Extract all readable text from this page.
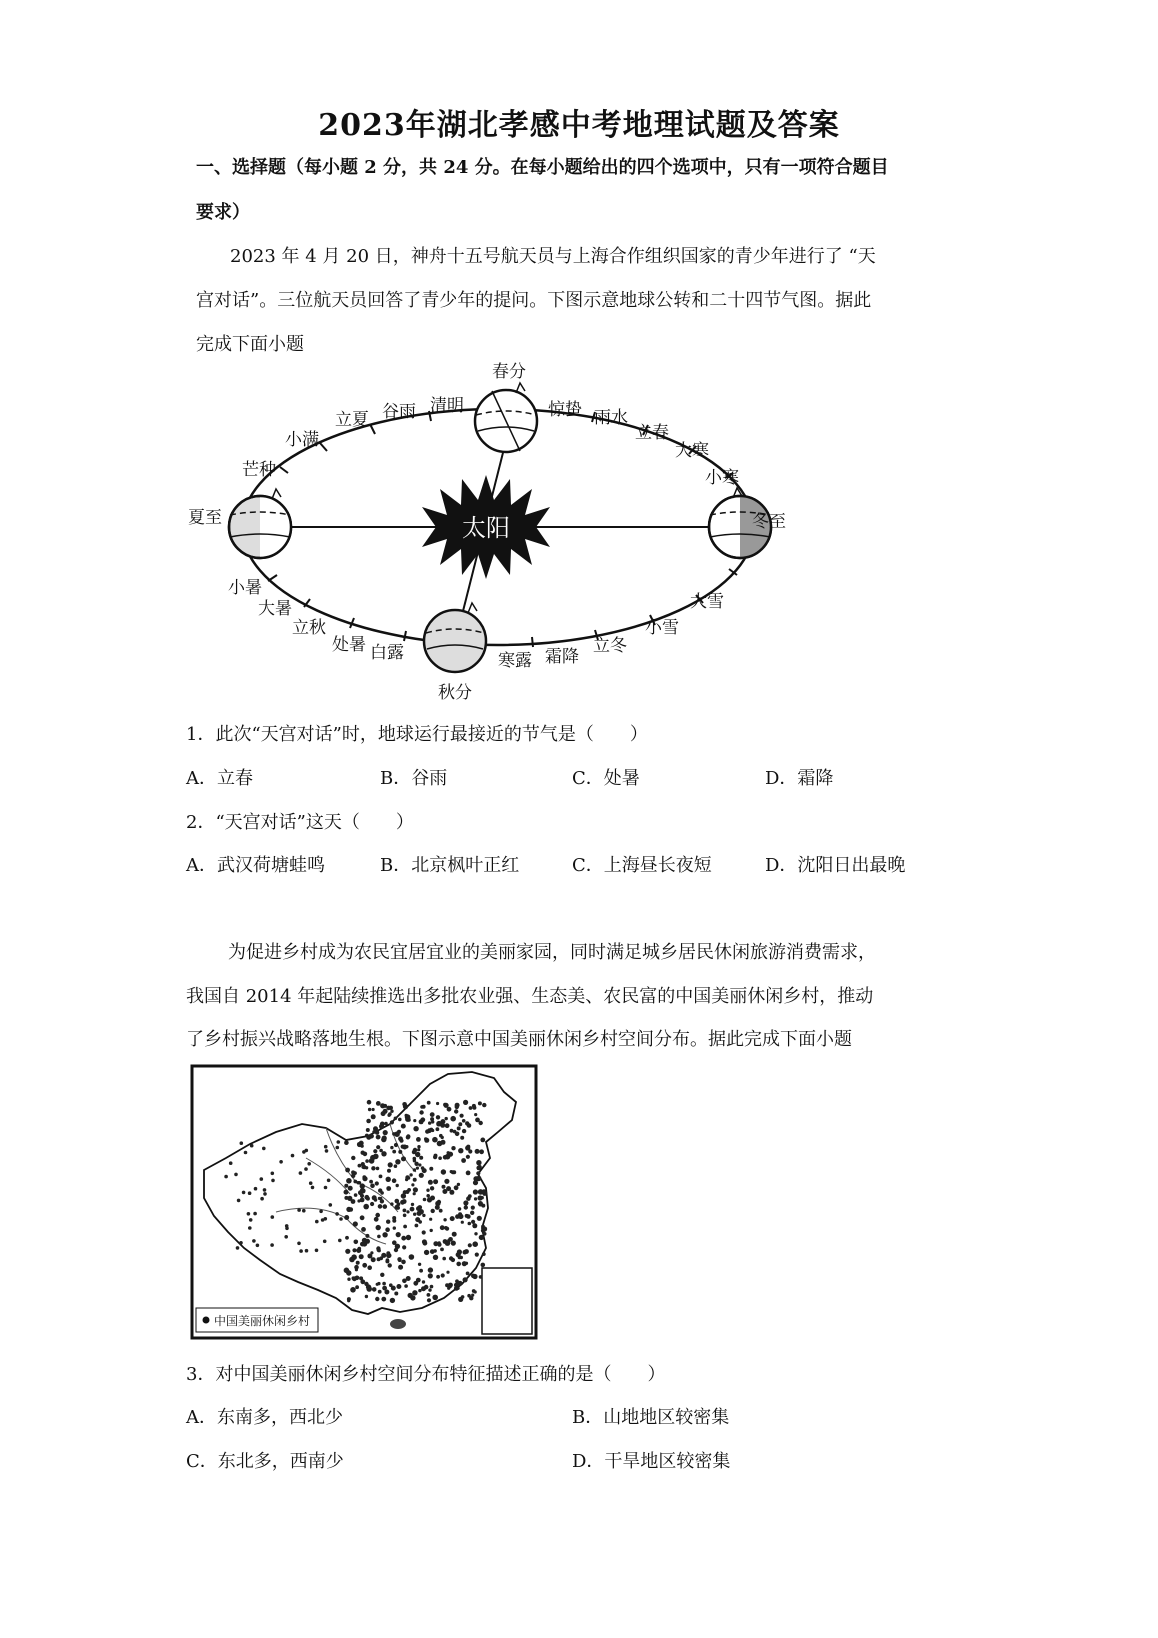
2023年湖北孝感中考地理试题及答案
一、选择题（每小题 2 分，共 24 分。在每小题给出的四个选项中，只有一项符合题目
要求）
2023 年 4 月 20 日，神舟十五号航天员与上海合作组织国家的青少年进行了 “天
宫对话”。三位航天员回答了青少年的提问。下图示意地球公转和二十四节气图。据此
完成下面小题
太阳
春分
惊蛰 雨水
立春
大寒
小寒
冬至
大雪
小雪
立冬
霜降
寒露
秋分
白露
处暑
立秋
大暑
小暑
夏至
芒种
小满
立夏 谷雨 清明
1．此次“天宫对话”时，地球运行最接近的节气是（　　）
A．立春	B．谷雨	C．处暑	D．霜降
2．“天宫对话”这天（　　）
A．武汉荷塘蛙鸣	B．北京枫叶正红	C．上海昼长夜短	D．沈阳日出最晚
为促进乡村成为农民宜居宜业的美丽家园，同时满足城乡居民休闲旅游消费需求，
我国自 2014 年起陆续推选出多批农业强、生态美、农民富的中国美丽休闲乡村，推动
了乡村振兴战略落地生根。下图示意中国美丽休闲乡村空间分布。据此完成下面小题
中国美丽休闲乡村
3．对中国美丽休闲乡村空间分布特征描述正确的是（　　）
A．东南多，西北少	B．山地地区较密集
C．东北多，西南少	D．干旱地区较密集
